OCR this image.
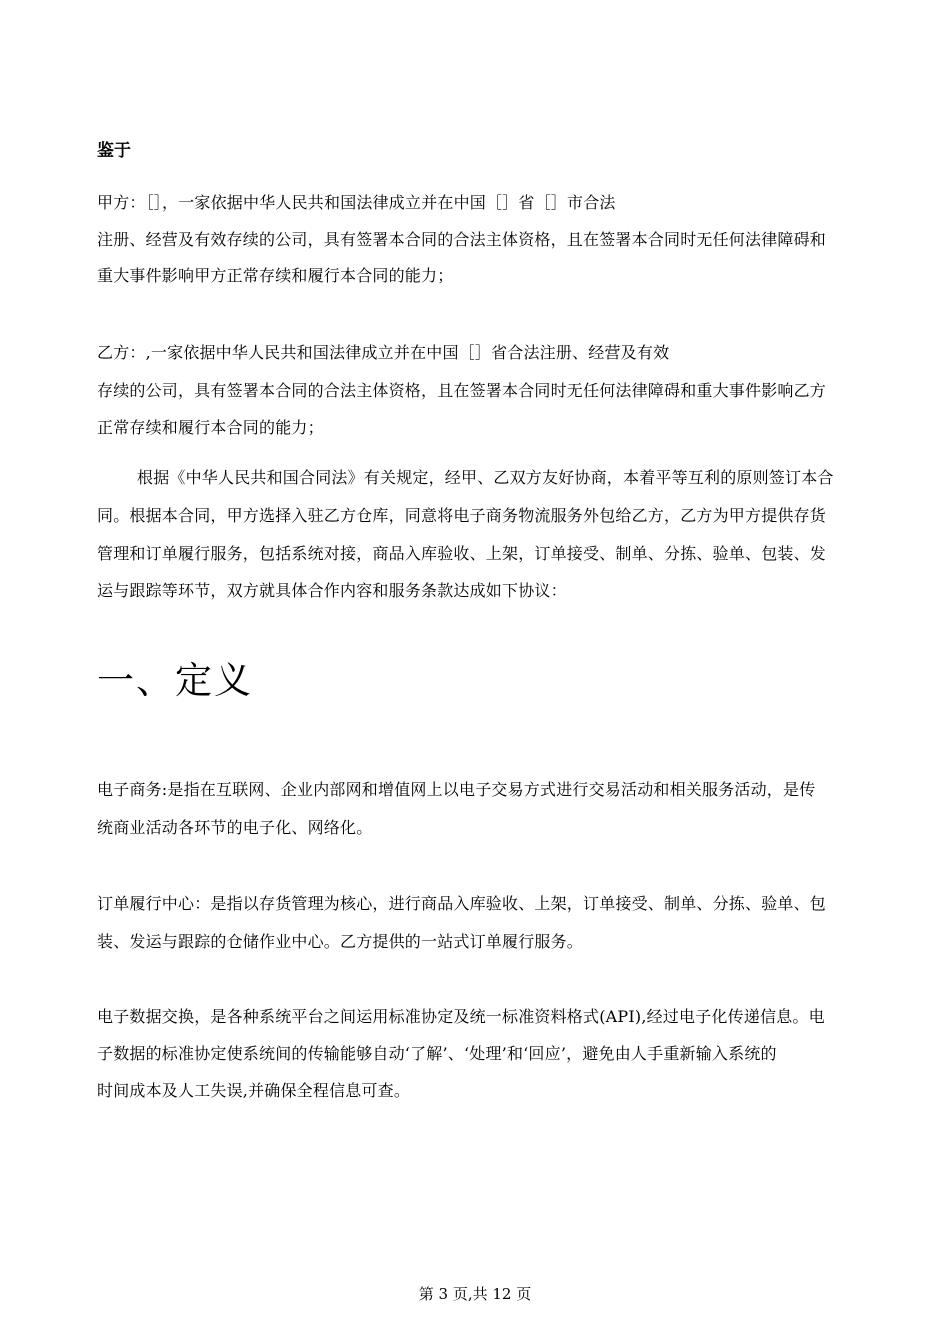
鉴于
甲方：［］，一家依据中华人民共和国法律成立并在中国［］省［］市合法
注册、经营及有效存续的公司，具有签署本合同的合法主体资格，且在签署本合同时无任何法律障碍和
重大事件影响甲方正常存续和履行本合同的能力；
乙方：,一家依据中华人民共和国法律成立并在中国［］省合法注册、经营及有效
存续的公司，具有签署本合同的合法主体资格，且在签署本合同时无任何法律障碍和重大事件影响乙方
正常存续和履行本合同的能力；
根据《中华人民共和国合同法》有关规定，经甲、乙双方友好协商，本着平等互利的原则签订本合
同。根据本合同，甲方选择入驻乙方仓库，同意将电子商务物流服务外包给乙方，乙方为甲方提供存货
管理和订单履行服务，包括系统对接，商品入库验收、上架，订单接受、制单、分拣、验单、包装、发
运与跟踪等环节，双方就具体合作内容和服务条款达成如下协议：
一、定义
电子商务:是指在互联网、企业内部网和增值网上以电子交易方式进行交易活动和相关服务活动，是传
统商业活动各环节的电子化、网络化。
订单履行中心：是指以存货管理为核心，进行商品入库验收、上架，订单接受、制单、分拣、验单、包
装、发运与跟踪的仓储作业中心。乙方提供的一站式订单履行服务。
电子数据交换，是各种系统平台之间运用标准协定及统一标准资料格式(API),经过电子化传递信息。电
子数据的标准协定使系统间的传输能够自动‘了解’、‘处理’和‘回应’，避免由人手重新输入系统的
时间成本及人工失误,并确保全程信息可查。
第 3 页,共 12 页
